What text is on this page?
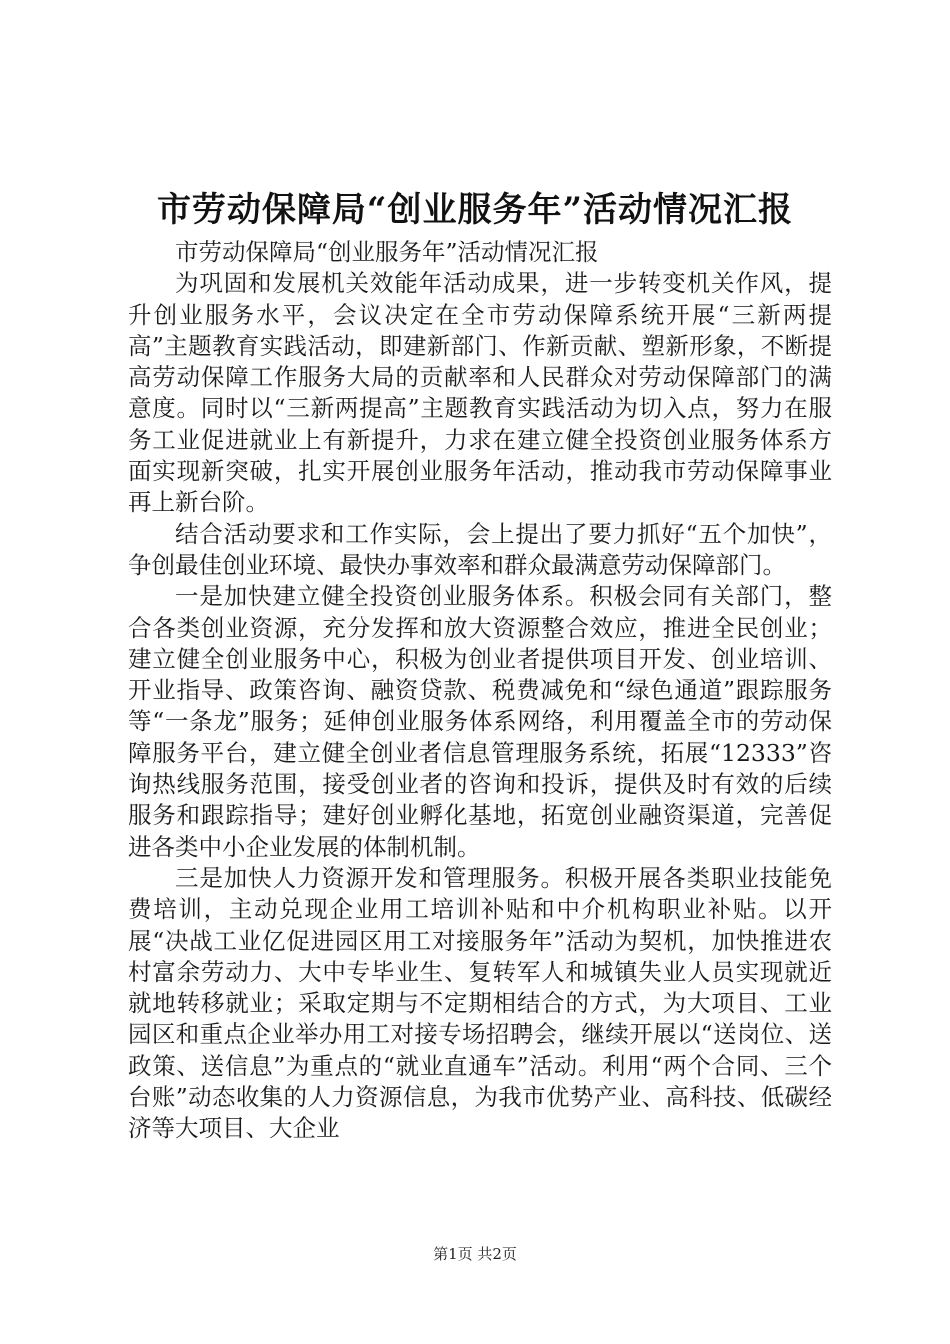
市劳动保障局“创业服务年”活动情况汇报

市劳动保障局“创业服务年”活动情况汇报

为巩固和发展机关效能年活动成果，进一步转变机关作风，提升创业服务水平，会议决定在全市劳动保障系统开展“三新两提高”主题教育实践活动，即建新部门、作新贡献、塑新形象，不断提高劳动保障工作服务大局的贡献率和人民群众对劳动保障部门的满意度。同时以“三新两提高”主题教育实践活动为切入点，努力在服务工业促进就业上有新提升，力求在建立健全投资创业服务体系方面实现新突破，扎实开展创业服务年活动，推动我市劳动保障事业再上新台阶。

结合活动要求和工作实际，会上提出了要力抓好“五个加快”，争创最佳创业环境、最快办事效率和群众最满意劳动保障部门。

一是加快建立健全投资创业服务体系。积极会同有关部门，整合各类创业资源，充分发挥和放大资源整合效应，推进全民创业；建立健全创业服务中心，积极为创业者提供项目开发、创业培训、开业指导、政策咨询、融资贷款、税费减免和“绿色通道”跟踪服务等“一条龙”服务；延伸创业服务体系网络，利用覆盖全市的劳动保障服务平台，建立健全创业者信息管理服务系统，拓展“12333”咨询热线服务范围，接受创业者的咨询和投诉，提供及时有效的后续服务和跟踪指导；建好创业孵化基地，拓宽创业融资渠道，完善促进各类中小企业发展的体制机制。

三是加快人力资源开发和管理服务。积极开展各类职业技能免费培训，主动兑现企业用工培训补贴和中介机构职业补贴。以开展“决战工业亿促进园区用工对接服务年”活动为契机，加快推进农村富余劳动力、大中专毕业生、复转军人和城镇失业人员实现就近就地转移就业；采取定期与不定期相结合的方式，为大项目、工业园区和重点企业举办用工对接专场招聘会，继续开展以“送岗位、送政策、送信息”为重点的“就业直通车”活动。利用“两个合同、三个台账”动态收集的人力资源信息，为我市优势产业、高科技、低碳经济等大项目、大企业

第1页 共2页
